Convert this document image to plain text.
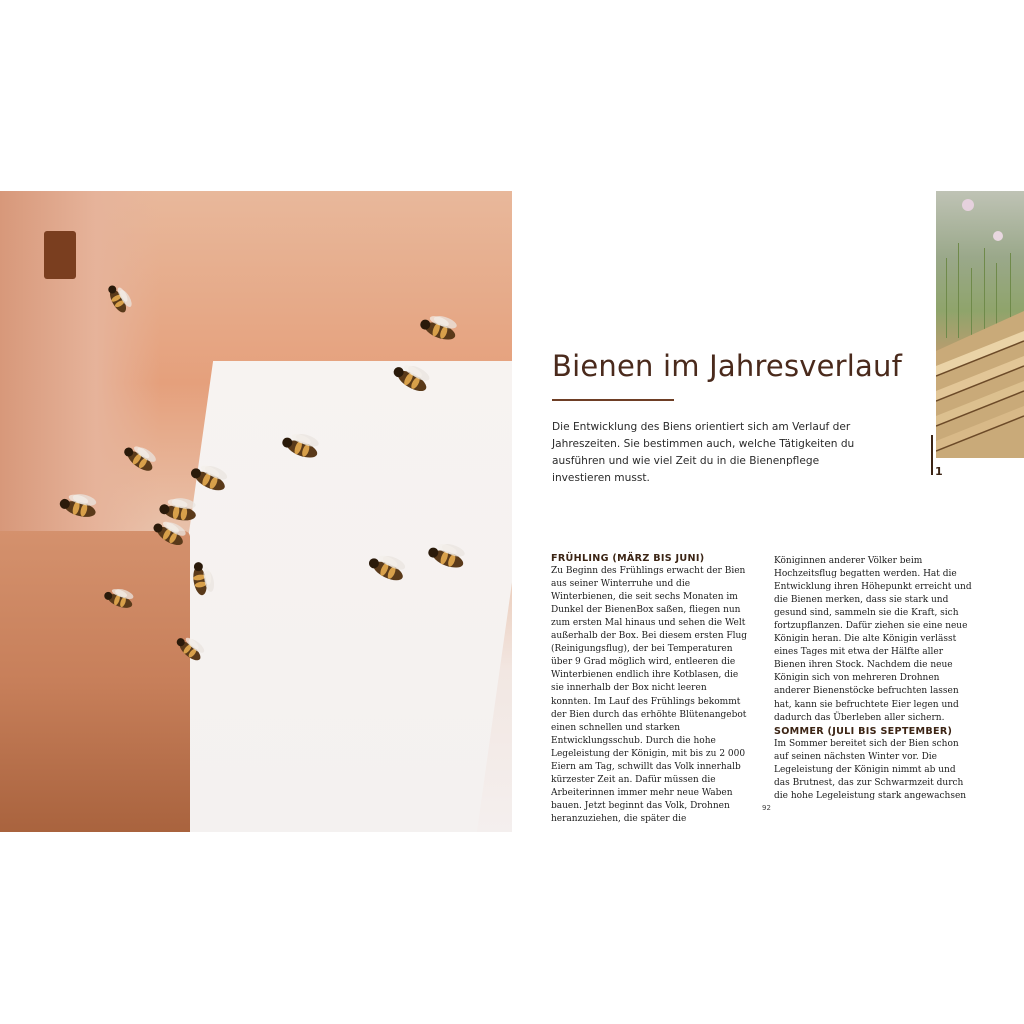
Bienen im Jahresverlauf

Die Entwicklung des Biens orientiert sich am Verlauf der Jahreszeiten. Sie bestimmen auch, welche Tätigkeiten du ausführen und wie viel Zeit du in die Bienenpflege investieren musst.	1

FRÜHLING (MÄRZ BIS JUNI)

Zu Beginn des Frühlings erwacht der Bien aus seiner Winterruhe und die Winterbienen, die seit sechs Monaten im Dunkel der BienenBox saßen, fliegen nun zum ersten Mal hinaus und sehen die Welt außerhalb der Box. Bei diesem ersten Flug (Reinigungsflug), der bei Temperaturen über 9 Grad möglich wird, entleeren die Winterbienen endlich ihre Kotblasen, die sie innerhalb der Box nicht leeren konnten. Im Lauf des Frühlings bekommt der Bien durch das erhöhte Blütenangebot einen schnellen und starken Entwicklungsschub. Durch die hohe Legeleistung der Königin, mit bis zu 2 000 Eiern am Tag, schwillt das Volk innerhalb kürzester Zeit an. Dafür müssen die Arbeiterinnen immer mehr neue Waben bauen. Jetzt beginnt das Volk, Drohnen heranzuziehen, die später die

Königinnen anderer Völker beim Hochzeitsflug begatten werden. Hat die Entwicklung ihren Höhepunkt erreicht und die Bienen merken, dass sie stark und gesund sind, sammeln sie die Kraft, sich fortzupflanzen. Dafür ziehen sie eine neue Königin heran. Die alte Königin verlässt eines Tages mit etwa der Hälfte aller Bienen ihren Stock. Nachdem die neue Königin sich von mehreren Drohnen anderer Bienenstöcke befruchten lassen hat, kann sie befruchtete Eier legen und dadurch das Überleben aller sichern.

SOMMER (JULI BIS SEPTEMBER)

Im Sommer bereitet sich der Bien schon auf seinen nächsten Winter vor. Die Legeleistung der Königin nimmt ab und das Brutnest, das zur Schwarmzeit durch die hohe Legeleistung stark angewachsen

92
